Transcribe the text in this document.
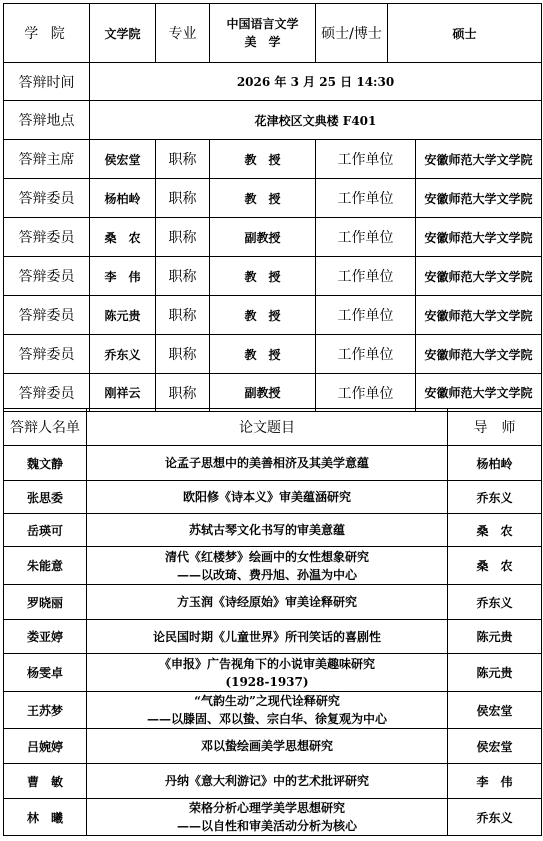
学 院	文学院	专业	中国语言文学
美　学	硕士/博士	硕士	
答辩时间	2026 年 3 月 25 日 14:30					
答辩地点	花津校区文典楼 F401					
答辩主席	侯宏堂	职称	教　授	工作单位		安徽师范大学文学院
答辩委员	杨柏岭	职称	教　授	工作单位		安徽师范大学文学院
答辩委员	桑　农	职称	副教授	工作单位		安徽师范大学文学院
答辩委员	李　伟	职称	教　授	工作单位		安徽师范大学文学院
答辩委员	陈元贵	职称	教　授	工作单位		安徽师范大学文学院
答辩委员	乔东义	职称	教　授	工作单位		安徽师范大学文学院
答辩委员	刚祥云	职称	副教授	工作单位		安徽师范大学文学院
答辩人名单	论文题目	导　师
魏文静	论孟子思想中的美善相济及其美学意蕴	杨柏岭
张思委	欧阳修《诗本义》审美蕴涵研究	乔东义
岳瑛可	苏轼古琴文化书写的审美意蕴	桑　农
朱能意	清代《红楼梦》绘画中的女性想象研究
——以改琦、费丹旭、孙温为中心	桑　农
罗晓丽	方玉润《诗经原始》审美诠释研究	乔东义
娄亚婷	论民国时期《儿童世界》所刊笑话的喜剧性	陈元贵
杨雯卓	《申报》广告视角下的小说审美趣味研究
(1928-1937)	陈元贵
王苏梦	“气韵生动”之现代诠释研究
——以滕固、邓以蛰、宗白华、徐复观为中心	侯宏堂
吕婉婷	邓以蛰绘画美学思想研究	侯宏堂
曹　敏	丹纳《意大利游记》中的艺术批评研究	李　伟
林　曦	荣格分析心理学美学思想研究
——以自性和审美活动分析为核心	乔东义
